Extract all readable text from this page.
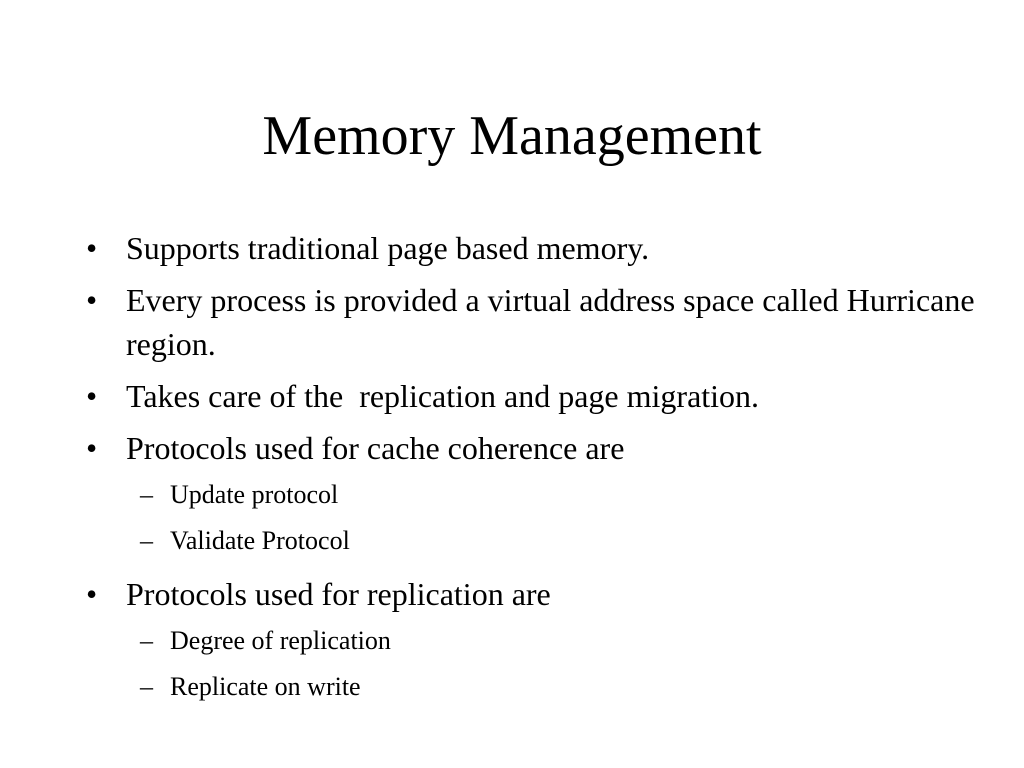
Memory Management
• Supports traditional page based memory.
• Every process is provided a virtual address space called Hurricane region.
• Takes care of the  replication and page migration.
• Protocols used for cache coherence are
– Update protocol
– Validate Protocol
• Protocols used for replication are
– Degree of replication
– Replicate on write
